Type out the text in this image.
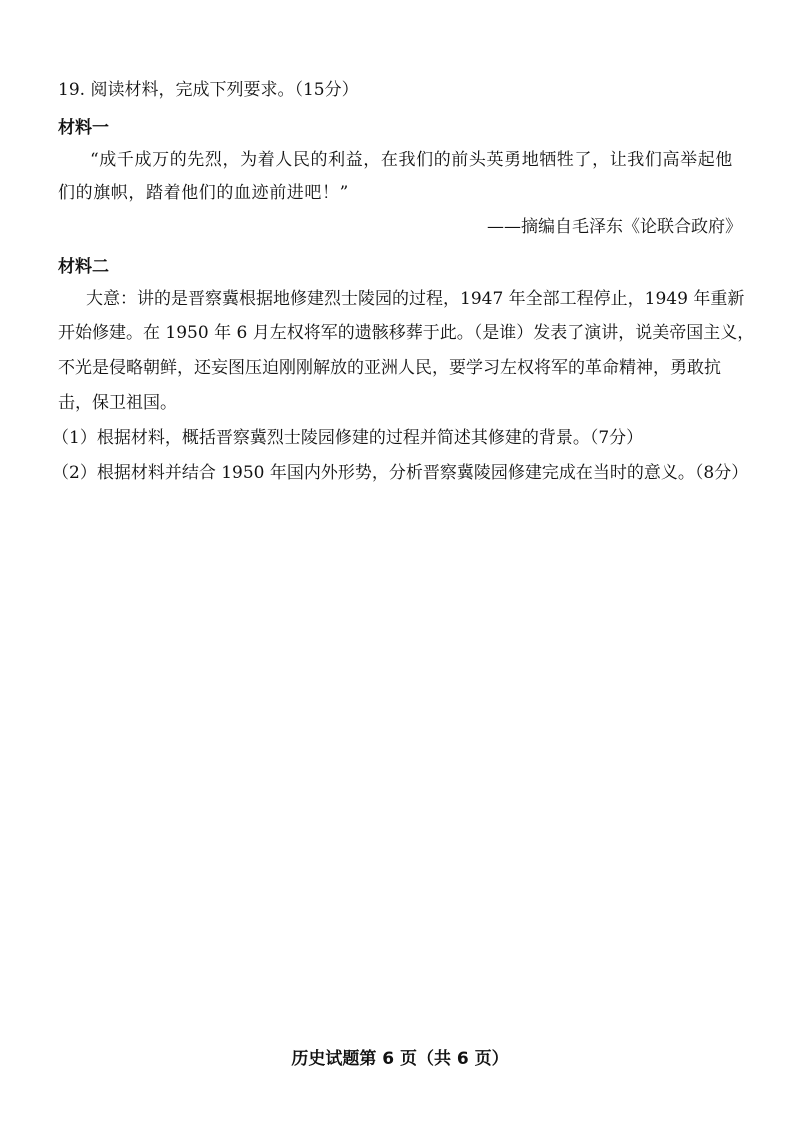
19. 阅读材料，完成下列要求。（15分）
材料一
“成千成万的先烈，为着人民的利益，在我们的前头英勇地牺牲了，让我们高举起他
们的旗帜，踏着他们的血迹前进吧！”
——摘编自毛泽东《论联合政府》
材料二
大意：讲的是晋察冀根据地修建烈士陵园的过程，1947 年全部工程停止，1949 年重新
开始修建。在 1950 年 6 月左权将军的遗骸移葬于此。（是谁）发表了演讲，说美帝国主义，
不光是侵略朝鲜，还妄图压迫刚刚解放的亚洲人民，要学习左权将军的革命精神，勇敢抗
击，保卫祖国。
（1）根据材料，概括晋察冀烈士陵园修建的过程并简述其修建的背景。（7分）
（2）根据材料并结合 1950 年国内外形势，分析晋察冀陵园修建完成在当时的意义。（8分）
历史试题第 6 页（共 6 页）
